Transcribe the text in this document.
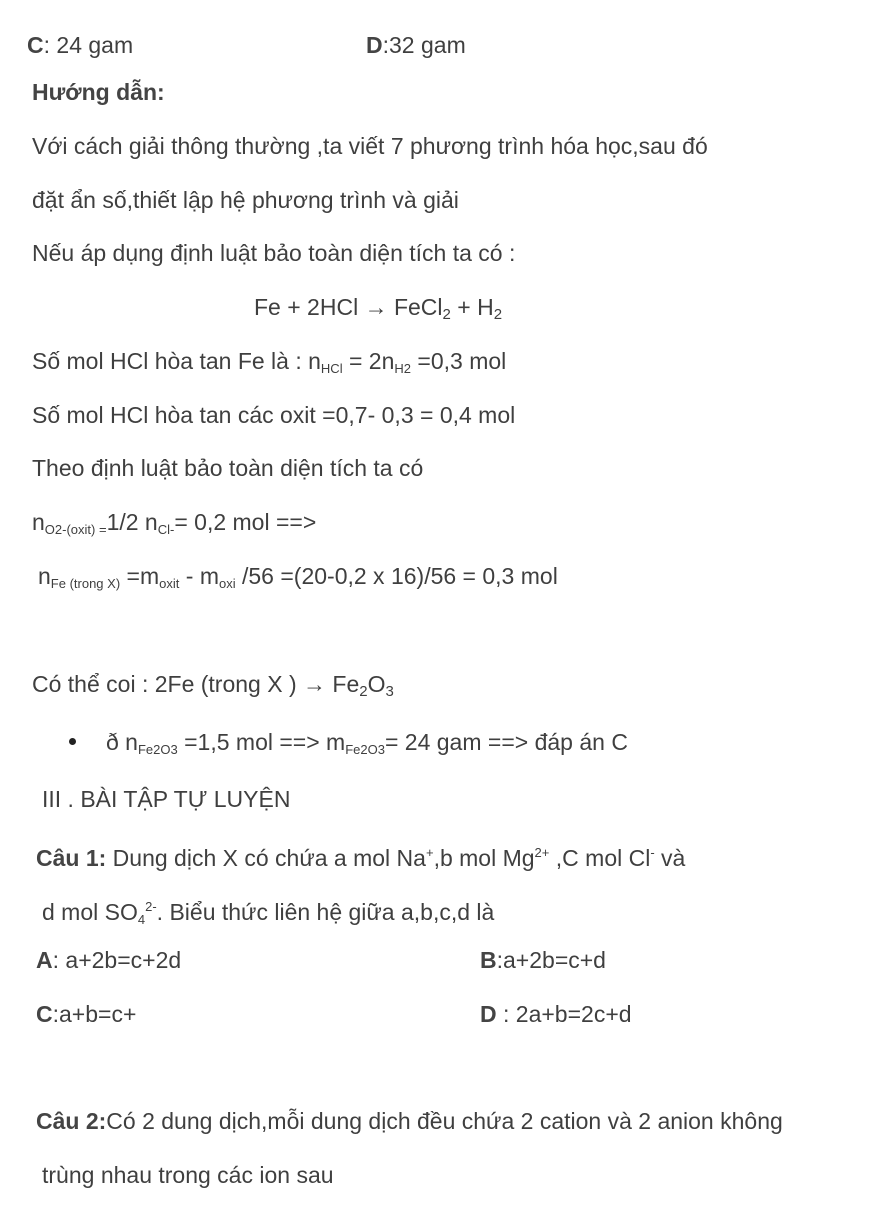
C: 24 gam	D:32 gam
Hướng dẫn:
Với cách giải thông thường ,ta viết 7 phương trình hóa học,sau đó
đặt ẩn số,thiết lập hệ phương trình và giải
Nếu áp dụng định luật bảo toàn diện tích ta có :
Fe + 2HCl → FeCl2 + H2
Số mol HCl hòa tan Fe là : $n_{HCl} = 2n_{H2} =0,3$ mol
Số mol HCl hòa tan các oxit =0,7- 0,3 = 0,4 mol
Theo định luật bảo toàn diện tích ta có
$n_{O2-(oxit) =}1/2$ $n_{Cl-}= 0,2$ mol ==>
$n_{Fe (trong X)} =m_{oxit} - m_{oxi}$ /56 =(20-0,2 x 16)/56 = 0,3 mol
Có thể coi : 2Fe (trong X ) → Fe2O3
ð $n_{Fe2O3} =1,5$ mol ==> $m_{Fe2O3}= 24$ gam ==> đáp án C
III . BÀI TẬP TỰ LUYỆN
Câu 1: Dung dịch X có chứa a mol Na+,b mol $Mg^{2+}$ ,C mol Cl- và
d mol $SO_4^{2-}$. Biểu thức liên hệ giữa a,b,c,d là
A: a+2b=c+2d	B:a+2b=c+d
C:a+b=c+	D : 2a+b=2c+d
Câu 2:Có 2 dung dịch,mỗi dung dịch đều chứa 2 cation và 2 anion không
trùng nhau trong các ion sau
